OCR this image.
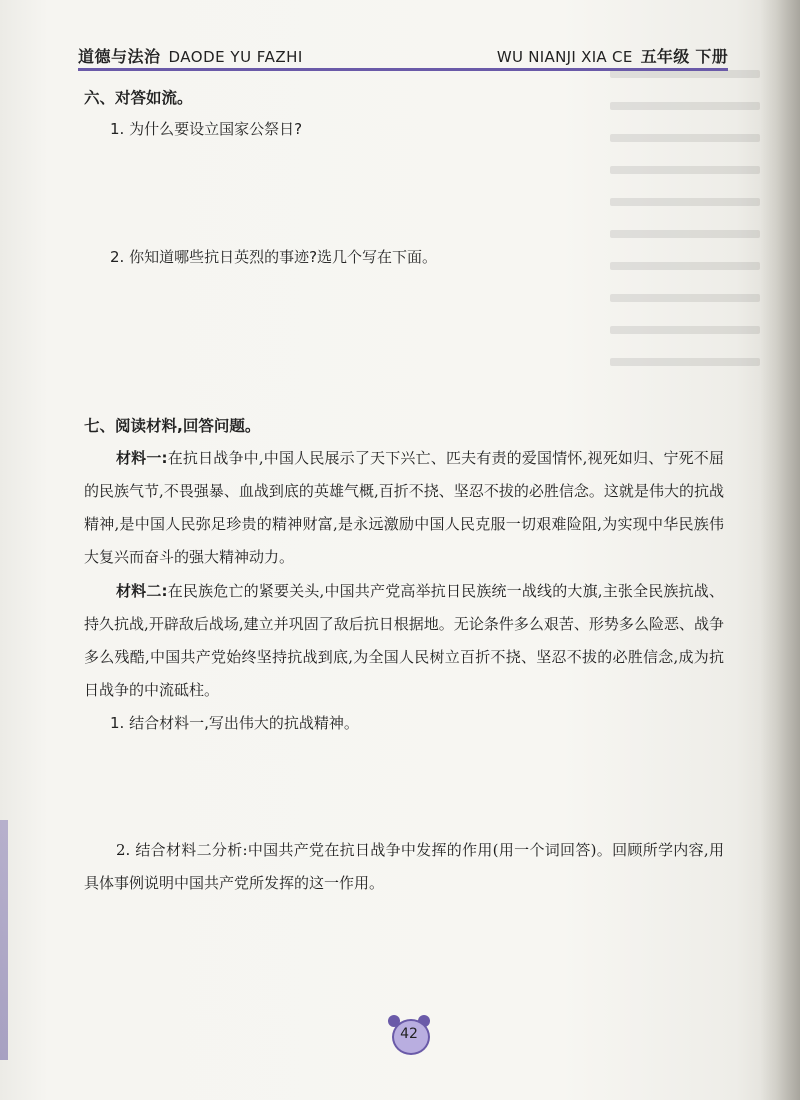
道德与法治 DAODE YU FAZHI	WU NIANJI XIA CE 五年级 下册
六、对答如流。
1. 为什么要设立国家公祭日?
2. 你知道哪些抗日英烈的事迹?选几个写在下面。
七、阅读材料,回答问题。
材料一:在抗日战争中,中国人民展示了天下兴亡、匹夫有责的爱国情怀,视死如归、宁死不屈的民族气节,不畏强暴、血战到底的英雄气概,百折不挠、坚忍不拔的必胜信念。这就是伟大的抗战精神,是中国人民弥足珍贵的精神财富,是永远激励中国人民克服一切艰难险阻,为实现中华民族伟大复兴而奋斗的强大精神动力。
材料二:在民族危亡的紧要关头,中国共产党高举抗日民族统一战线的大旗,主张全民族抗战、持久抗战,开辟敌后战场,建立并巩固了敌后抗日根据地。无论条件多么艰苦、形势多么险恶、战争多么残酷,中国共产党始终坚持抗战到底,为全国人民树立百折不挠、坚忍不拔的必胜信念,成为抗日战争的中流砥柱。
1. 结合材料一,写出伟大的抗战精神。
2. 结合材料二分析:中国共产党在抗日战争中发挥的作用(用一个词回答)。回顾所学内容,用具体事例说明中国共产党所发挥的这一作用。
42
